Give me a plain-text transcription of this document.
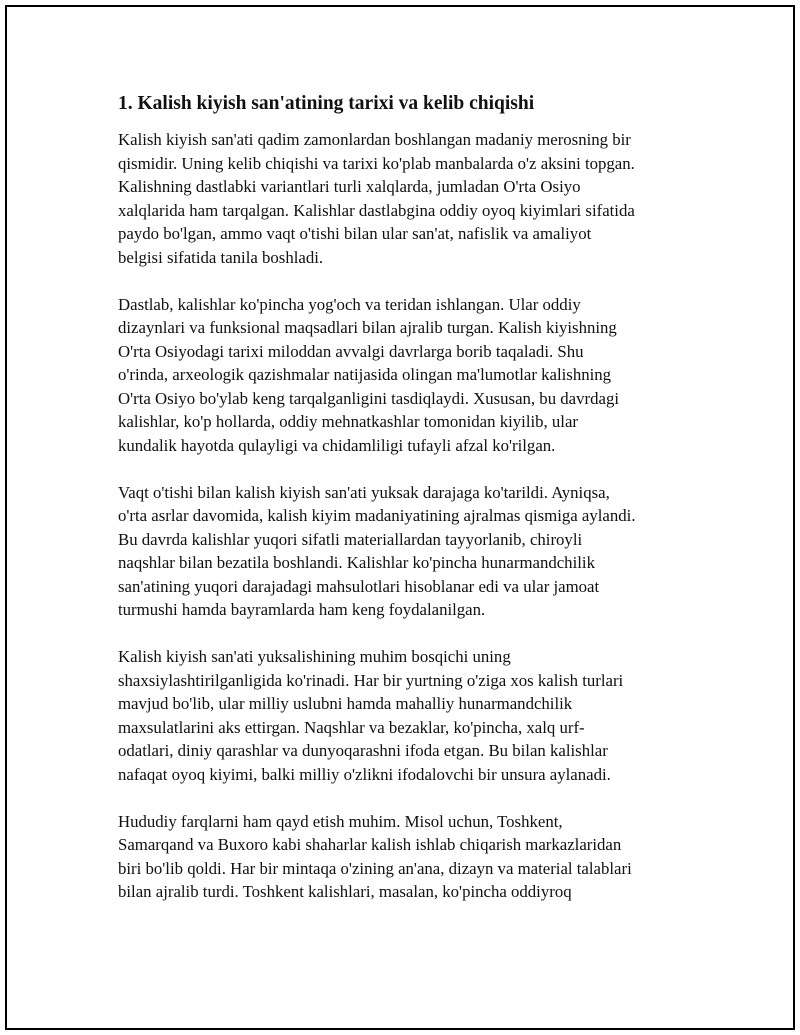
1. Kalish kiyish san'atining tarixi va kelib chiqishi
Kalish kiyish san'ati qadim zamonlardan boshlangan madaniy merosning bir
qismidir. Uning kelib chiqishi va tarixi ko'plab manbalarda o'z aksini topgan.
Kalishning dastlabki variantlari turli xalqlarda, jumladan O'rta Osiyo
xalqlarida ham tarqalgan. Kalishlar dastlabgina oddiy oyoq kiyimlari sifatida
paydo bo'lgan, ammo vaqt o'tishi bilan ular san'at, nafislik va amaliyot
belgisi sifatida tanila boshladi.
Dastlab, kalishlar ko'pincha yog'och va teridan ishlangan. Ular oddiy
dizaynlari va funksional maqsadlari bilan ajralib turgan. Kalish kiyishning
O'rta Osiyodagi tarixi miloddan avvalgi davrlarga borib taqaladi. Shu
o'rinda, arxeologik qazishmalar natijasida olingan ma'lumotlar kalishning
O'rta Osiyo bo'ylab keng tarqalganligini tasdiqlaydi. Xususan, bu davrdagi
kalishlar, ko'p hollarda, oddiy mehnatkashlar tomonidan kiyilib, ular
kundalik hayotda qulayligi va chidamliligi tufayli afzal ko'rilgan.
Vaqt o'tishi bilan kalish kiyish san'ati yuksak darajaga ko'tarildi. Ayniqsa,
o'rta asrlar davomida, kalish kiyim madaniyatining ajralmas qismiga aylandi.
Bu davrda kalishlar yuqori sifatli materiallardan tayyorlanib, chiroyli
naqshlar bilan bezatila boshlandi. Kalishlar ko'pincha hunarmandchilik
san'atining yuqori darajadagi mahsulotlari hisoblanar edi va ular jamoat
turmushi hamda bayramlarda ham keng foydalanilgan.
Kalish kiyish san'ati yuksalishining muhim bosqichi uning
shaxsiylashtirilganligida ko'rinadi. Har bir yurtning o'ziga xos kalish turlari
mavjud bo'lib, ular milliy uslubni hamda mahalliy hunarmandchilik
maxsulatlarini aks ettirgan. Naqshlar va bezaklar, ko'pincha, xalq urf-
odatlari, diniy qarashlar va dunyoqarashni ifoda etgan. Bu bilan kalishlar
nafaqat oyoq kiyimi, balki milliy o'zlikni ifodalovchi bir unsura aylanadi.
Hududiy farqlarni ham qayd etish muhim. Misol uchun, Toshkent,
Samarqand va Buxoro kabi shaharlar kalish ishlab chiqarish markazlaridan
biri bo'lib qoldi. Har bir mintaqa o'zining an'ana, dizayn va material talablari
bilan ajralib turdi. Toshkent kalishlari, masalan, ko'pincha oddiyroq
